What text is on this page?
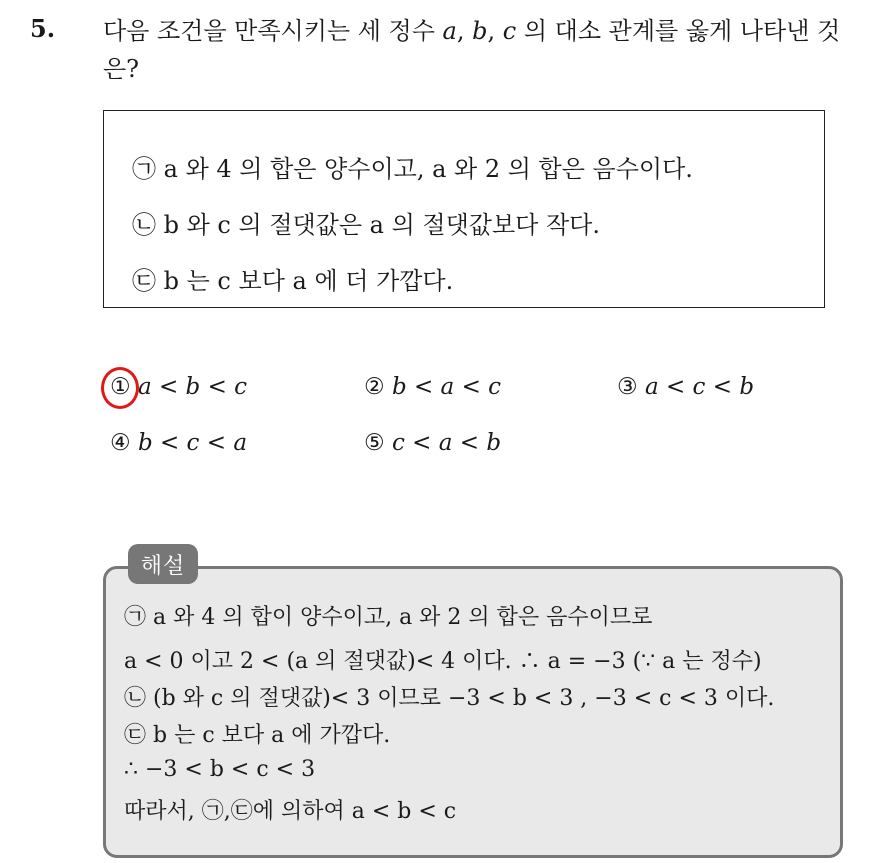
5. 다음 조건을 만족시키는 세 정수 a, b, c 의 대소 관계를 옳게 나타낸 것은?
㉠ a 와 4 의 합은 양수이고, a 와 2 의 합은 음수이다.
㉡ b 와 c 의 절댓값은 a 의 절댓값보다 작다.
㉢ b 는 c 보다 a 에 더 가깝다.
① a < b < c	② b < a < c	③ a < c < b
④ b < c < a	⑤ c < a < b
해설
㉠ a 와 4 의 합이 양수이고, a 와 2 의 합은 음수이므로
a < 0 이고 2 < (a 의 절댓값)< 4 이다. ∴ a = −3 (∵ a 는 정수)
㉡ (b 와 c 의 절댓값)< 3 이므로 −3 < b < 3 , −3 < c < 3 이다.
㉢ b 는 c 보다 a 에 가깝다.
∴ −3 < b < c < 3
따라서, ㉠,㉢에 의하여 a < b < c
